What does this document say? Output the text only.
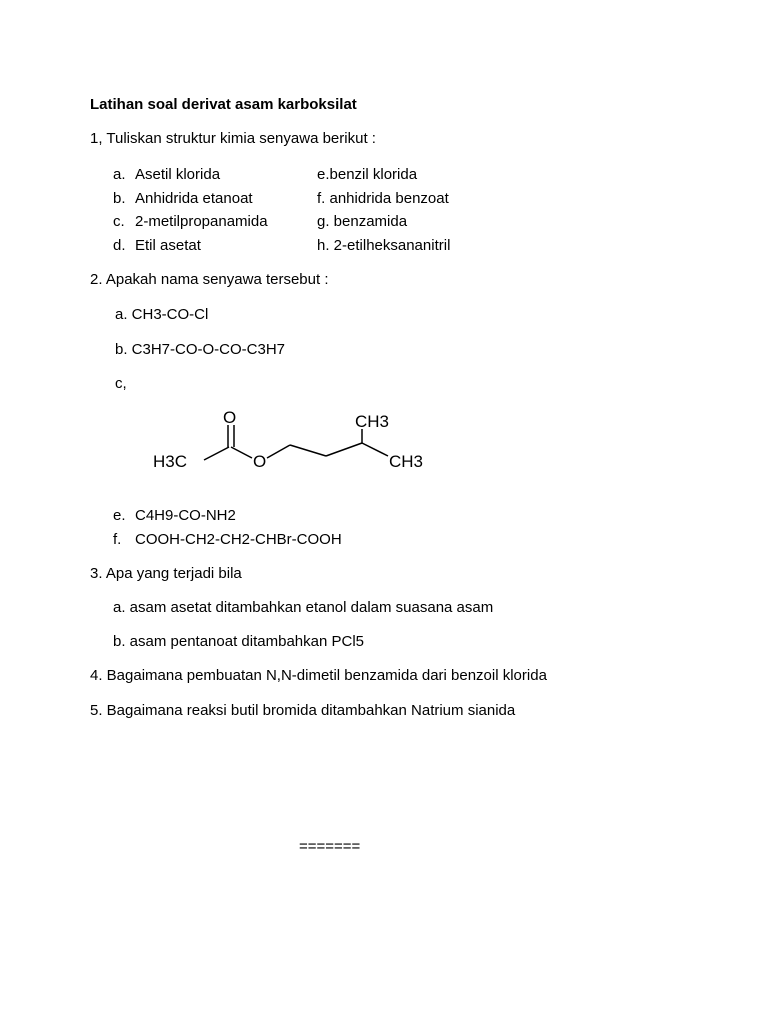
Latihan soal derivat asam karboksilat
1, Tuliskan struktur kimia senyawa berikut :
a. Asetil klorida
b. Anhidrida etanoat
c. 2-metilpropanamida
d. Etil asetat
e.benzil klorida
f. anhidrida benzoat
g. benzamida
h. 2-etilheksananitril
2. Apakah nama senyawa tersebut :
a. CH3-CO-Cl
b. C3H7-CO-O-CO-C3H7
c,
H3C
O
O
CH3
CH3
e. C4H9-CO-NH2
f. COOH-CH2-CH2-CHBr-COOH
3. Apa yang terjadi bila
a. asam asetat ditambahkan etanol dalam suasana asam
b. asam pentanoat ditambahkan PCl5
4. Bagaimana pembuatan N,N-dimetil benzamida dari benzoil klorida
5. Bagaimana reaksi butil bromida ditambahkan Natrium sianida
=======
